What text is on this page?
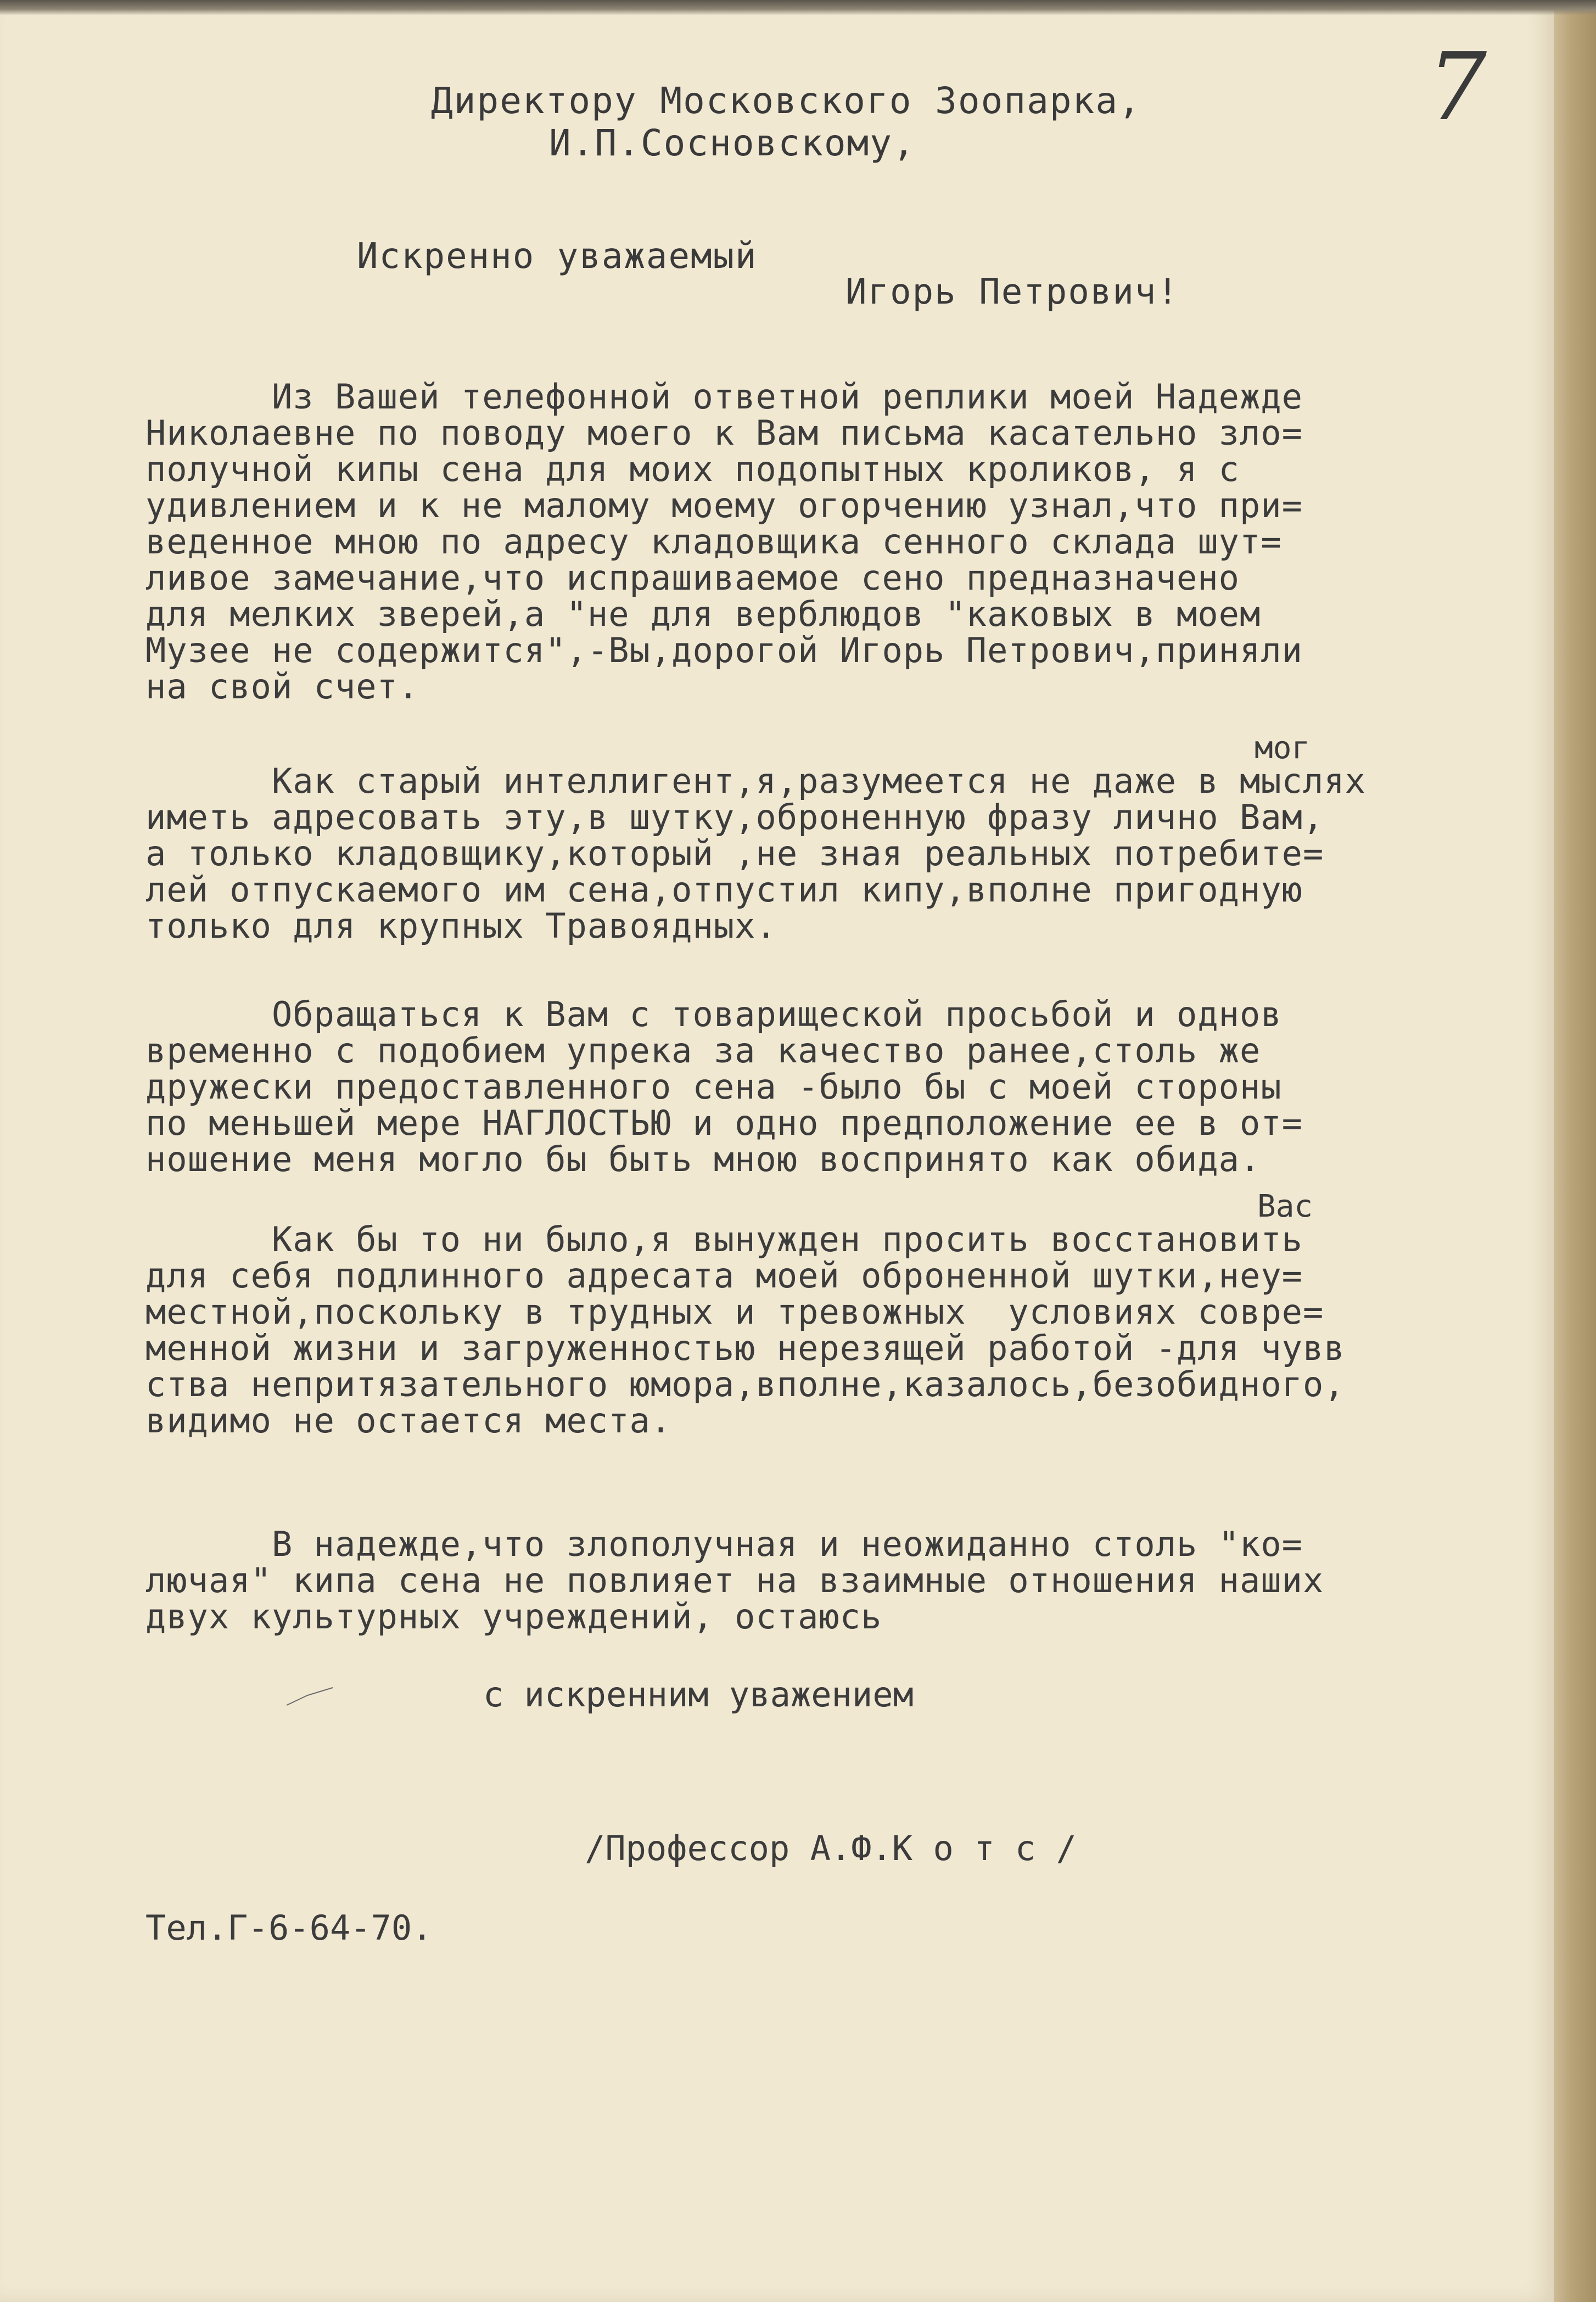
7

Директору Московского Зоопарка,

И.П.Сосновскому,

Искренно уважаемый

Игорь Петрович!

Из Вашей телефонной ответной реплики моей Надежде
Николаевне по поводу моего к Вам письма касательно зло=
получной кипы сена для моих подопытных кроликов, я с
удивлением и к не малому моему огорчению узнал,что при=
веденное мною по адресу кладовщика сенного склада шут=
ливое замечание,что испрашиваемое сено предназначено
для мелких зверей,а "не для верблюдов "каковых в моем
Музее не содержится",-Вы,дорогой Игорь Петрович,приняли
на свой счет.
мог
Как старый интеллигент,я,разумеется не даже в мыслях
иметь адресовать эту,в шутку,оброненную фразу лично Вам,
а только кладовщику,который ,не зная реальных потребите=
лей отпускаемого им сена,отпустил кипу,вполне пригодную
только для крупных Травоядных.
Обращаться к Вам с товарищеской просьбой и однов
временно с подобием упрека за качество ранее,столь же
дружески предоставленного сена -было бы с моей стороны
по меньшей мере НАГЛОСТЬЮ и одно предположение ее в от=
ношение меня могло бы быть мною воспринято как обида.
Вас
Как бы то ни было,я вынужден просить восстановить
для себя подлинного адресата моей оброненной шутки,неу=
местной,поскольку в трудных и тревожных  условиях совре=
менной жизни и загруженностью нерезящей работой -для чувв
ства непритязательного юмора,вполне,казалось,безобидного,
видимо не остается места.
В надежде,что злополучная и неожиданно столь "ко=
лючая" кипа сена не повлияет на взаимные отношения наших
двух культурных учреждений, остаюсь
с искренним уважением
/Профессор А.Ф.К о т с /
Тел.Г-6-64-70.
